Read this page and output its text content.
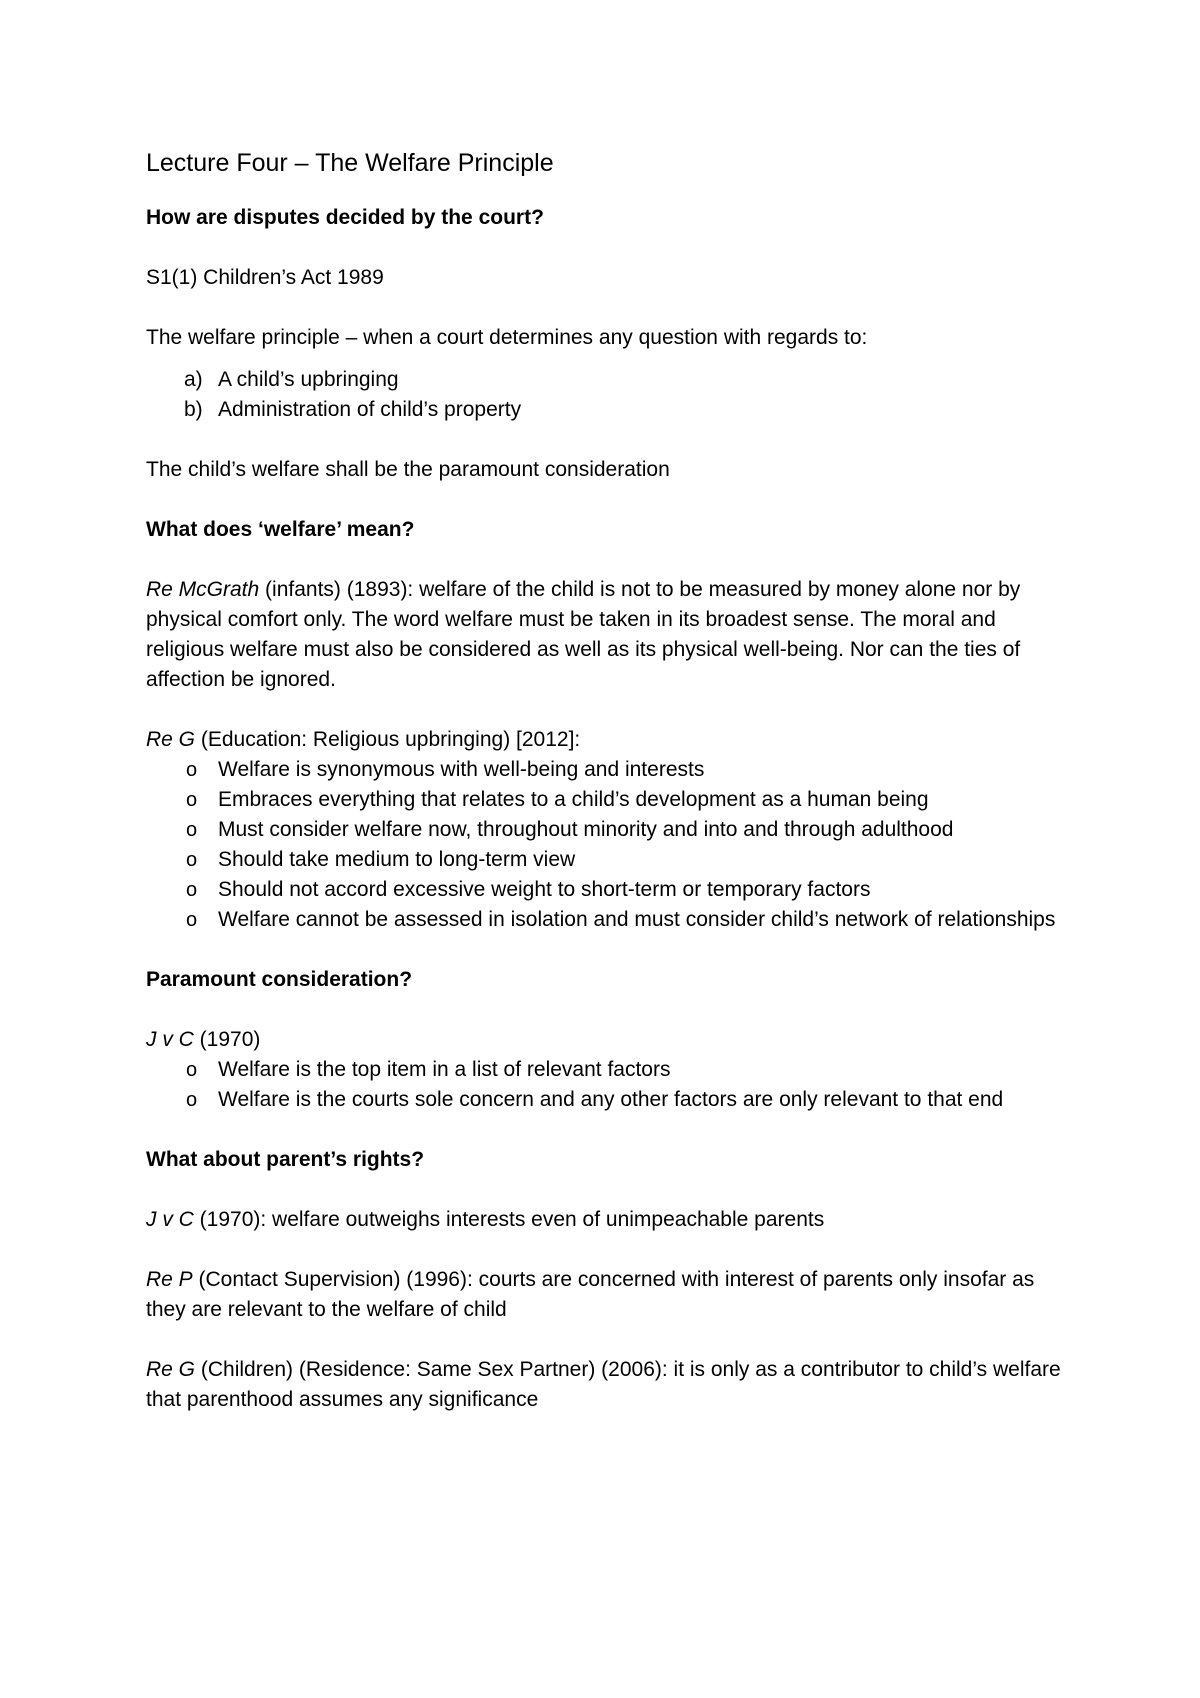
Lecture Four – The Welfare Principle

How are disputes decided by the court?

S1(1) Children’s Act 1989

The welfare principle – when a court determines any question with regards to:

a) A child’s upbringing
b) Administration of child’s property

The child’s welfare shall be the paramount consideration

What does ‘welfare’ mean?

Re McGrath (infants) (1893): welfare of the child is not to be measured by money alone nor by physical comfort only. The word welfare must be taken in its broadest sense. The moral and religious welfare must also be considered as well as its physical well-being. Nor can the ties of affection be ignored.

Re G (Education: Religious upbringing) [2012]:

o Welfare is synonymous with well-being and interests
o Embraces everything that relates to a child’s development as a human being
o Must consider welfare now, throughout minority and into and through adulthood
o Should take medium to long-term view
o Should not accord excessive weight to short-term or temporary factors
o Welfare cannot be assessed in isolation and must consider child’s network of relationships

Paramount consideration?

J v C (1970)

o Welfare is the top item in a list of relevant factors
o Welfare is the courts sole concern and any other factors are only relevant to that end

What about parent’s rights?

J v C (1970): welfare outweighs interests even of unimpeachable parents

Re P (Contact Supervision) (1996): courts are concerned with interest of parents only insofar as they are relevant to the welfare of child

Re G (Children) (Residence: Same Sex Partner) (2006): it is only as a contributor to child’s welfare that parenthood assumes any significance
